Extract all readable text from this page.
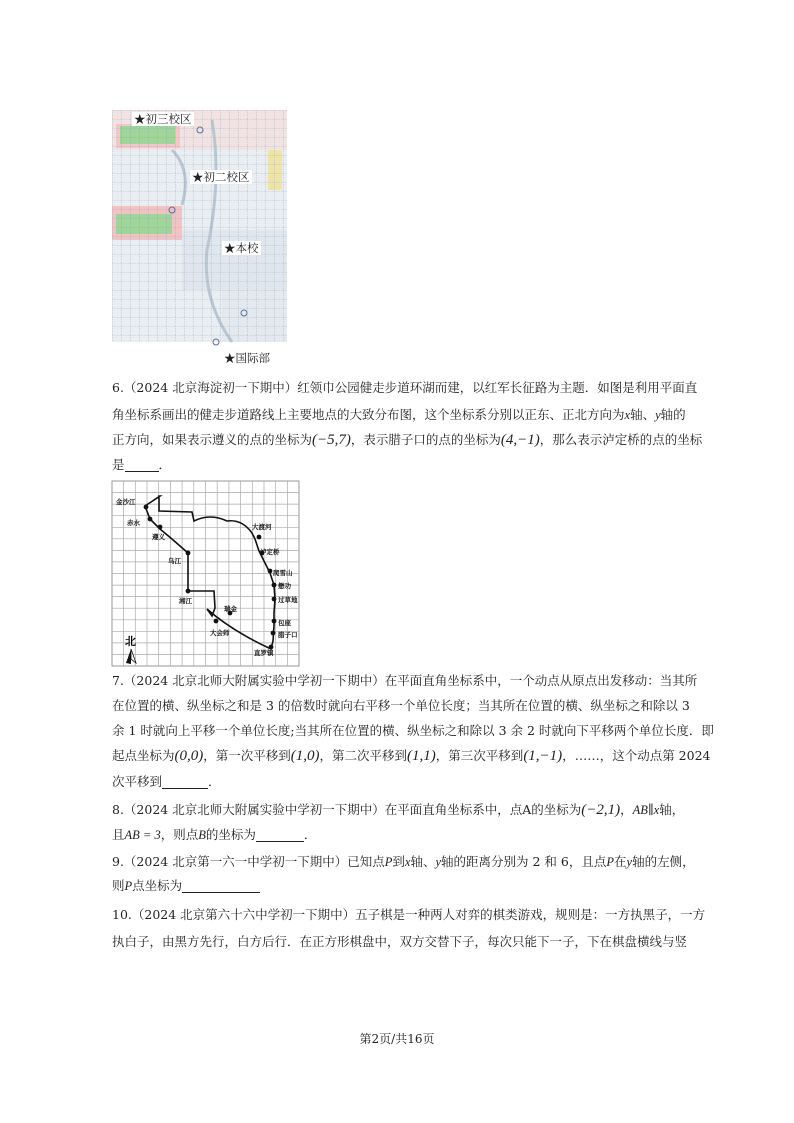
★初三校区
★初二校区
★本校
★国际部
6.（2024 北京海淀初一下期中）红领巾公园健走步道环湖而建，以红军长征路为主题．如图是利用平面直
角坐标系画出的健走步道路线上主要地点的大致分布图，这个坐标系分别以正东、正北方向为x轴、y轴的
正方向，如果表示遵义的点的坐标为(−5,7)，表示腊子口的点的坐标为(4,−1)，那么表示泸定桥的点的坐标
是	．
金沙江
赤水
遵义
乌江
大渡河
泸定桥
爬雪山
懋功
过草地
湘江
瑞金
大会师
包座
腊子口
直罗镇
北
7.（2024 北京北师大附属实验中学初一下期中）在平面直角坐标系中，一个动点从原点出发移动：当其所
在位置的横、纵坐标之和是 3 的倍数时就向右平移一个单位长度；当其所在位置的横、纵坐标之和除以 3
余 1 时就向上平移一个单位长度;当其所在位置的横、纵坐标之和除以 3 余 2 时就向下平移两个单位长度．即
起点坐标为(0,0)，第一次平移到(1,0)，第二次平移到(1,1)，第三次平移到(1,−1)，……，这个动点第 2024
次平移到	．
8.（2024 北京北师大附属实验中学初一下期中）在平面直角坐标系中，点A的坐标为(−2,1)，AB∥x轴，
且AB = 3，则点B的坐标为	．
9.（2024 北京第一六一中学初一下期中）已知点P到x轴、y轴的距离分别为 2 和 6，且点P在y轴的左侧，
则P点坐标为
10.（2024 北京第六十六中学初一下期中）五子棋是一种两人对弈的棋类游戏，规则是：一方执黑子，一方
执白子，由黑方先行，白方后行．在正方形棋盘中，双方交替下子，每次只能下一子，下在棋盘横线与竖
第2页/共16页
